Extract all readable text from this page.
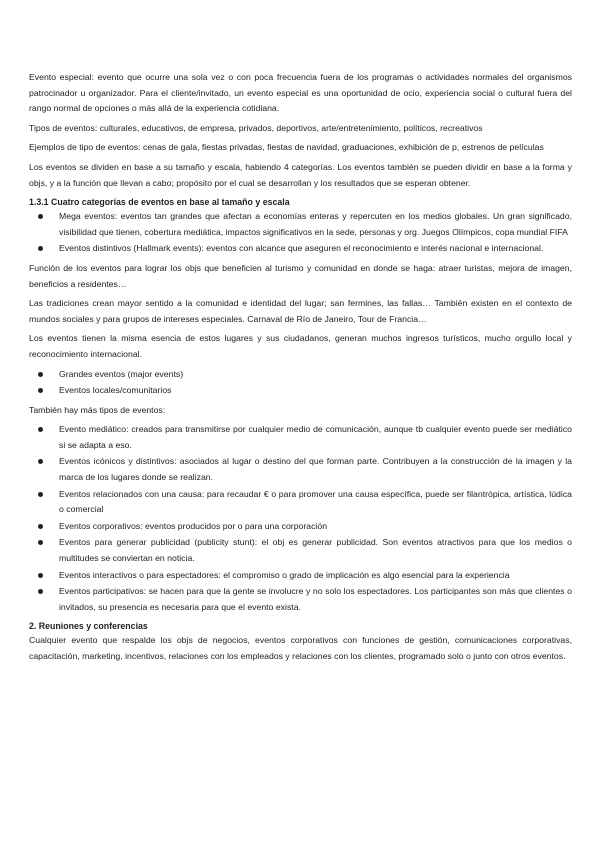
Evento especial: evento que ocurre una sola vez o con poca frecuencia fuera de los programas o actividades normales del organismos patrocinador u organizador. Para el cliente/invitado, un evento especial es una oportunidad de ocio, experiencia social o cultural fuera del rango normal de opciones o más allá de la experiencia cotidiana.

Tipos de eventos: culturales, educativos, de empresa, privados, deportivos, arte/entretenimiento, políticos, recreativos

Ejemplos de tipo de eventos: cenas de gala, fiestas privadas, fiestas de navidad, graduaciones, exhibición de p, estrenos de películas

Los eventos se dividen en base a su tamaño y escala, habiendo 4 categorías. Los eventos también se pueden dividir en base a la forma y objs, y a la función que llevan a cabo; propósito por el cual se desarrollan y los resultados que se esperan obtener.

1.3.1 Cuatro categorías de eventos en base al tamaño y escala
Mega eventos: eventos tan grandes que afectan a economías enteras y repercuten en los medios globales. Un gran significado, visibilidad que tienen, cobertura mediática, impactos significativos en la sede, personas y org. Juegos Olímpicos, copa mundial FIFA
Eventos distintivos (Hallmark events): eventos con alcance que aseguren el reconocimiento e interés nacional e internacional.

Función de los eventos para lograr los objs que beneficien al turismo y comunidad en donde se haga: atraer turistas, mejora de imagen, beneficios a residentes…

Las tradiciones crean mayor sentido a la comunidad e identidad del lugar; san fermines, las fallas… También existen en el contexto de mundos sociales y para grupos de intereses especiales. Carnaval de Río de Janeiro, Tour de Francia…

Los eventos tienen la misma esencia de estos lugares y sus ciudadanos, generan muchos ingresos turísticos, mucho orgullo local y reconocimiento internacional.

Grandes eventos (major events)
Eventos locales/comunitarios

También hay más tipos de eventos:

Evento mediático: creados para transmitirse por cualquier medio de comunicación, aunque tb cualquier evento puede ser mediático si se adapta a eso.
Eventos icónicos y distintivos: asociados al lugar o destino del que forman parte. Contribuyen a la construcción de la imagen y la marca de los lugares donde se realizan.
Eventos relacionados con una causa: para recaudar € o para promover una causa específica, puede ser filantrópica, artística, lúdica o comercial
Eventos corporativos: eventos producidos por o para una corporación
Eventos para generar publicidad (publicity stunt): el obj es generar publicidad. Son eventos atractivos para que los medios o multitudes se conviertan en noticia.
Eventos interactivos o para espectadores: el compromiso o grado de implicación es algo esencial para la experiencia
Eventos participativos: se hacen para que la gente se involucre y no solo los espectadores. Los participantes son más que clientes o invitados, su presencia es necesaria para que el evento exista.
2. Reuniones y conferencias

Cualquier evento que respalde los objs de negocios, eventos corporativos con funciones de gestión, comunicaciones corporativas, capacitación, marketing, incentivos, relaciones con los empleados y relaciones con los clientes, programado solo o junto con otros eventos.
